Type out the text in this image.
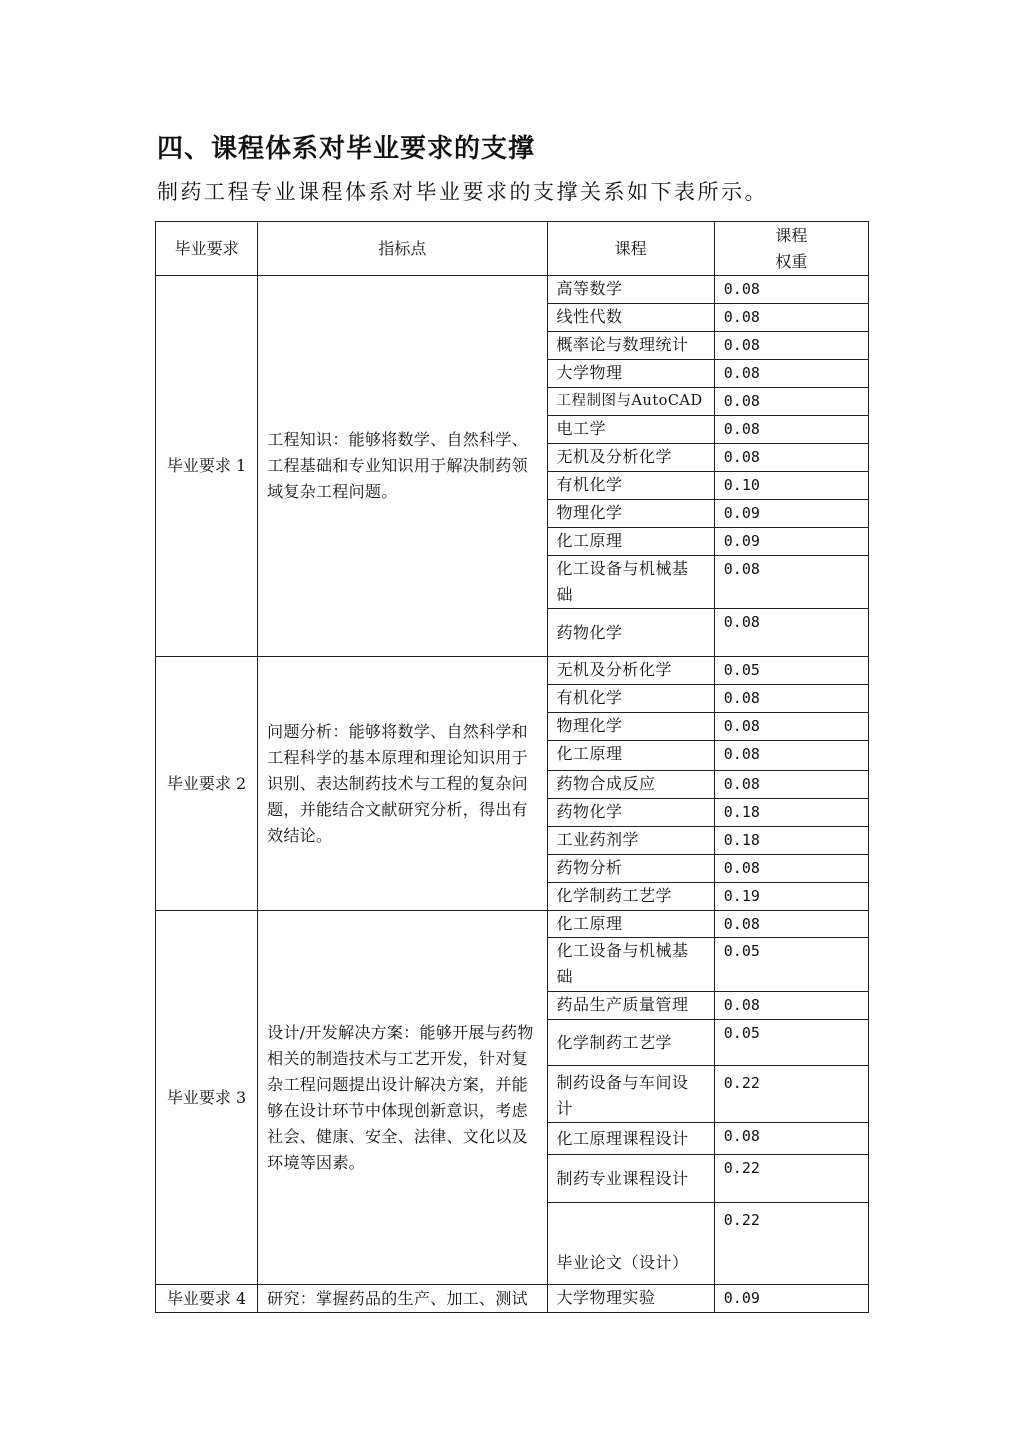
四、课程体系对毕业要求的支撑
制药工程专业课程体系对毕业要求的支撑关系如下表所示。
毕业要求	指标点	课程	课程
权重

毕业要求 1	工程知识：能够将数学、自然科学、工程基础和专业知识用于解决制药领域复杂工程问题。	高等数学	0.08
		线性代数	0.08
		概率论与数理统计	0.08
		大学物理	0.08
		工程制图与AutoCAD	0.08
		电工学	0.08
		无机及分析化学	0.08
		有机化学	0.10
		物理化学	0.09
		化工原理	0.09
		化工设备与机械基础	0.08
		药物化学	0.08
毕业要求 2	问题分析：能够将数学、自然科学和工程科学的基本原理和理论知识用于识别、表达制药技术与工程的复杂问题，并能结合文献研究分析，得出有效结论。	无机及分析化学	0.05
		有机化学	0.08
		物理化学	0.08
		化工原理	0.08
		药物合成反应	0.08
		药物化学	0.18
		工业药剂学	0.18
		药物分析	0.08
		化学制药工艺学	0.19
毕业要求 3	设计/开发解决方案：能够开展与药物相关的制造技术与工艺开发，针对复杂工程问题提出设计解决方案，并能够在设计环节中体现创新意识，考虑社会、健康、安全、法律、文化以及环境等因素。	化工原理	0.08
		化工设备与机械基础	0.05
		药品生产质量管理	0.08
		化学制药工艺学	0.05
		制药设备与车间设计	0.22
		化工原理课程设计	0.08
		制药专业课程设计	0.22
		毕业论文（设计）	0.22
毕业要求 4	研究：掌握药品的生产、加工、测试	大学物理实验	0.09
